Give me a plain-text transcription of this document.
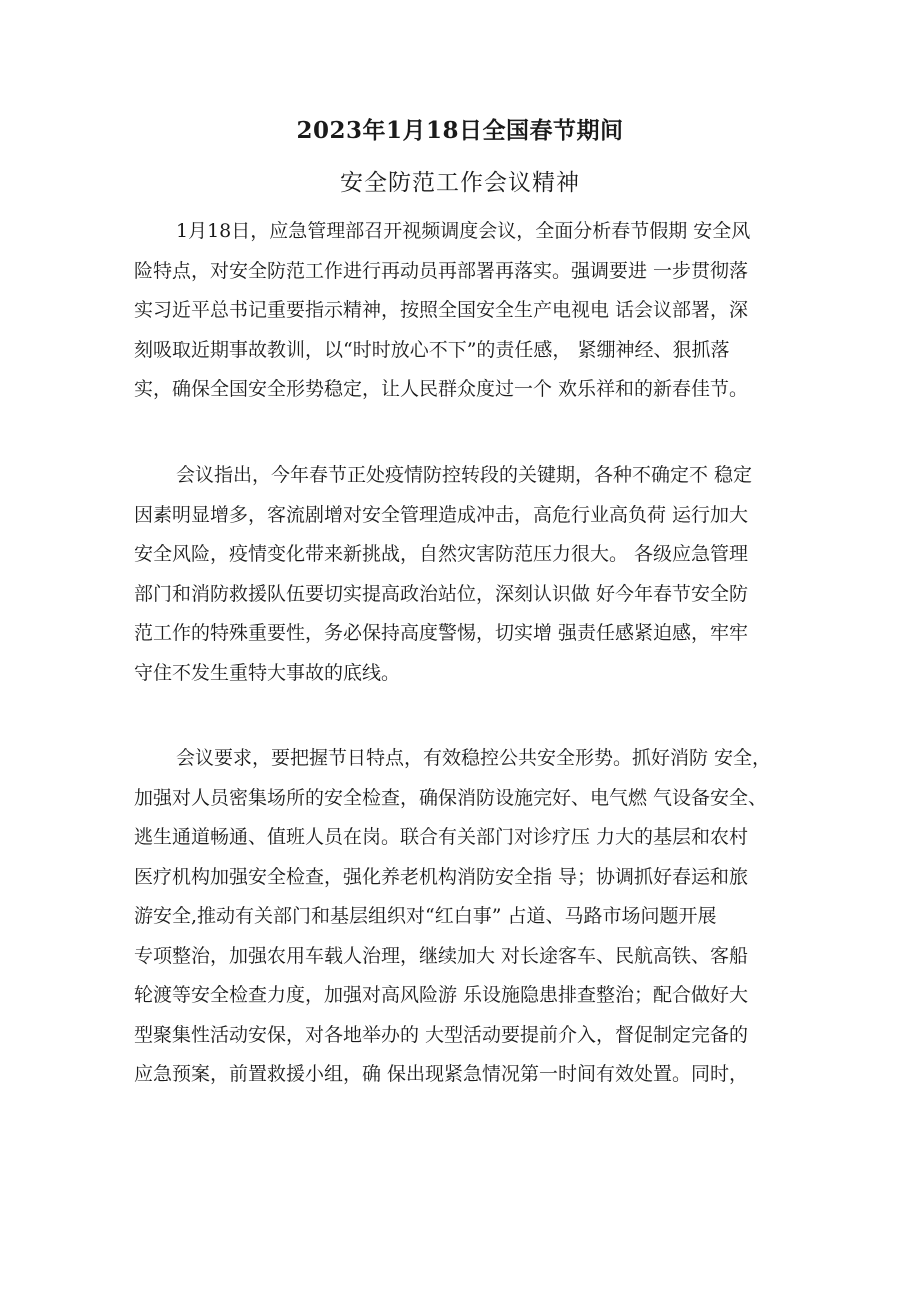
2023年1月18日全国春节期间
安全防范工作会议精神

1月18日，应急管理部召开视频调度会议，全面分析春节假期 安全风
险特点，对安全防范工作进行再动员再部署再落实。强调要进 一步贯彻落
实习近平总书记重要指示精神，按照全国安全生产电视电 话会议部署，深
刻吸取近期事故教训，以“时时放心不下”的责任感， 紧绷神经、狠抓落
实，确保全国安全形势稳定，让人民群众度过一个 欢乐祥和的新春佳节。

会议指出，今年春节正处疫情防控转段的关键期，各种不确定不 稳定
因素明显增多，客流剧增对安全管理造成冲击，高危行业高负荷 运行加大
安全风险，疫情变化带来新挑战，自然灾害防范压力很大。 各级应急管理
部门和消防救援队伍要切实提高政治站位，深刻认识做 好今年春节安全防
范工作的特殊重要性，务必保持高度警惕，切实增 强责任感紧迫感，牢牢
守住不发生重特大事故的底线。

会议要求，要把握节日特点，有效稳控公共安全形势。抓好消防 安全，
加强对人员密集场所的安全检查，确保消防设施完好、电气燃 气设备安全、
逃生通道畅通、值班人员在岗。联合有关部门对诊疗压 力大的基层和农村
医疗机构加强安全检查，强化养老机构消防安全指 导；协调抓好春运和旅
游安全,推动有关部门和基层组织对“红白事” 占道、马路市场问题开展
专项整治，加强农用车载人治理，继续加大 对长途客车、民航高铁、客船
轮渡等安全检查力度，加强对高风险游 乐设施隐患排查整治；配合做好大
型聚集性活动安保，对各地举办的 大型活动要提前介入，督促制定完备的
应急预案，前置救援小组，确 保出现紧急情况第一时间有效处置。同时，
